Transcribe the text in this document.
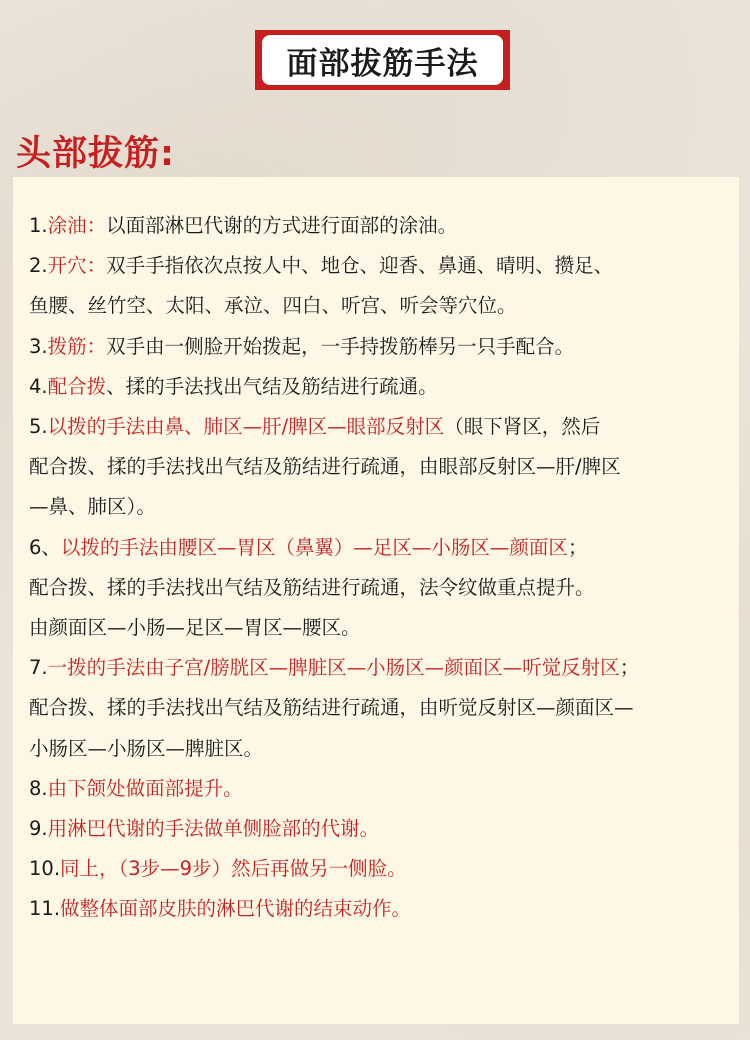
面部拔筋手法
头部拔筋:
1.涂油：以面部淋巴代谢的方式进行面部的涂油。
2.开穴：双手手指依次点按人中、地仓、迎香、鼻通、晴明、攒足、
鱼腰、丝竹空、太阳、承泣、四白、听宫、听会等穴位。
3.拨筋：双手由一侧脸开始拨起，一手持拨筋棒另一只手配合。
4.配合拨、揉的手法找出气结及筋结进行疏通。
5.以拨的手法由鼻、肺区—肝/脾区—眼部反射区（眼下肾区，然后
配合拨、揉的手法找出气结及筋结进行疏通，由眼部反射区—肝/脾区
—鼻、肺区）。
6、以拨的手法由腰区—胃区（鼻翼）—足区—小肠区—颜面区；
配合拨、揉的手法找出气结及筋结进行疏通，法令纹做重点提升。
由颜面区—小肠—足区—胃区—腰区。
7.一拨的手法由子宫/膀胱区—脾脏区—小肠区—颜面区—听觉反射区；
配合拨、揉的手法找出气结及筋结进行疏通，由听觉反射区—颜面区—
小肠区—小肠区—脾脏区。
8.由下颌处做面部提升。
9.用淋巴代谢的手法做单侧脸部的代谢。
10.同上，（3步—9步）然后再做另一侧脸。
11.做整体面部皮肤的淋巴代谢的结束动作。
